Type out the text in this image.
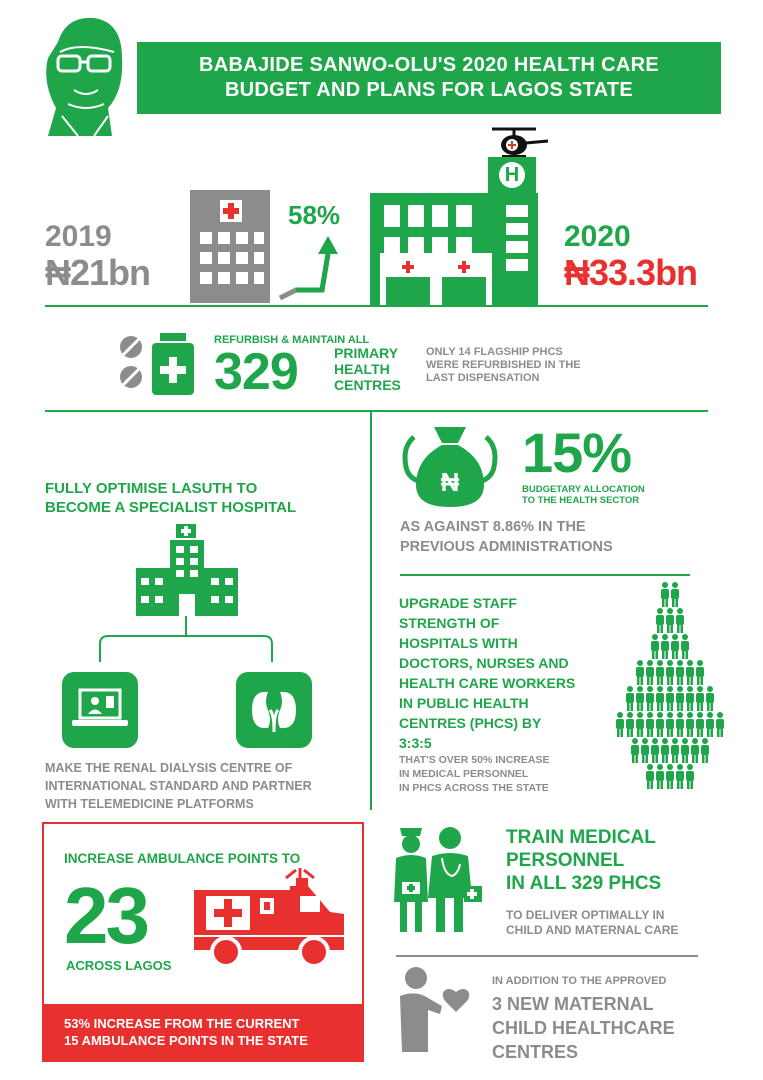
BABAJIDE SANWO-OLU'S 2020 HEALTH CARE
BUDGET AND PLANS FOR LAGOS STATE
2019
₦21bn
58%
H
2020
₦33.3bn
REFURBISH & MAINTAIN ALL
329	PRIMARY
HEALTH
CENTRES
ONLY 14 FLAGSHIP PHCS
WERE REFURBISHED IN THE
LAST DISPENSATION
FULLY OPTIMISE LASUTH TO
BECOME A SPECIALIST HOSPITAL
MAKE THE RENAL DIALYSIS CENTRE OF
INTERNATIONAL STANDARD AND PARTNER
WITH TELEMEDICINE PLATFORMS
₦ 15%
BUDGETARY ALLOCATION
TO THE HEALTH SECTOR
AS AGAINST 8.86% IN THE
PREVIOUS ADMINISTRATIONS
UPGRADE STAFF
STRENGTH OF
HOSPITALS WITH
DOCTORS, NURSES AND
HEALTH CARE WORKERS
IN PUBLIC HEALTH
CENTRES (PHCS) BY
3:3:5
THAT'S OVER 50% INCREASE
IN MEDICAL PERSONNEL
IN PHCS ACROSS THE STATE
INCREASE AMBULANCE POINTS TO
23
ACROSS LAGOS
53% INCREASE FROM THE CURRENT
15 AMBULANCE POINTS IN THE STATE
TRAIN MEDICAL
PERSONNEL
IN ALL 329 PHCS
TO DELIVER OPTIMALLY IN
CHILD AND MATERNAL CARE
IN ADDITION TO THE APPROVED
3 NEW MATERNAL
CHILD HEALTHCARE
CENTRES
